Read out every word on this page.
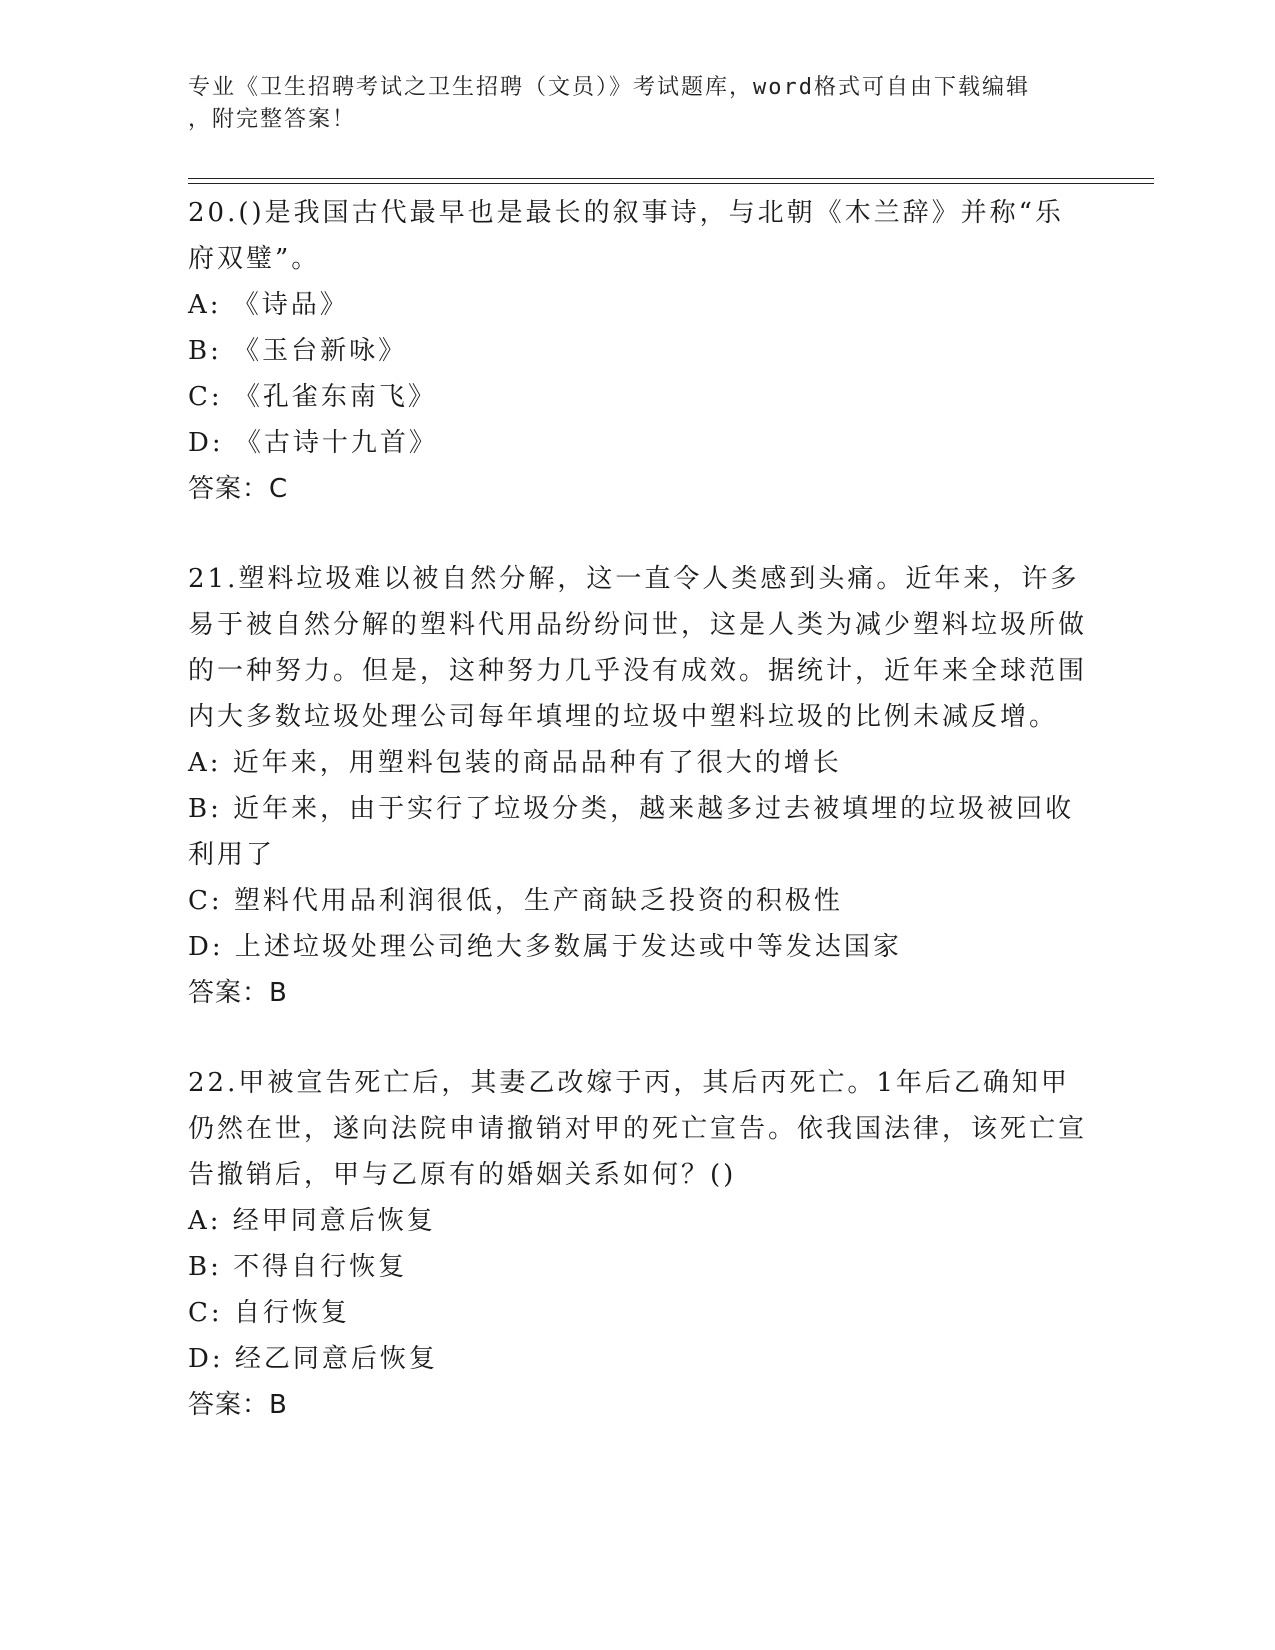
专业《卫生招聘考试之卫生招聘（文员）》考试题库，word格式可自由下载编辑

，附完整答案！

20.()是我国古代最早也是最长的叙事诗，与北朝《木兰辞》并称“乐府双璧”。

A: 《诗品》

B: 《玉台新咏》

C: 《孔雀东南飞》

D: 《古诗十九首》

答案：C

21.塑料垃圾难以被自然分解，这一直令人类感到头痛。近年来，许多易于被自然分解的塑料代用品纷纷问世，这是人类为减少塑料垃圾所做的一种努力。但是，这种努力几乎没有成效。据统计，近年来全球范围内大多数垃圾处理公司每年填埋的垃圾中塑料垃圾的比例未减反增。

A: 近年来，用塑料包装的商品品种有了很大的增长

B: 近年来，由于实行了垃圾分类，越来越多过去被填埋的垃圾被回收利用了

C: 塑料代用品利润很低，生产商缺乏投资的积极性

D: 上述垃圾处理公司绝大多数属于发达或中等发达国家

答案：B

22.甲被宣告死亡后，其妻乙改嫁于丙，其后丙死亡。1年后乙确知甲仍然在世，遂向法院申请撤销对甲的死亡宣告。依我国法律，该死亡宣告撤销后，甲与乙原有的婚姻关系如何？()

A: 经甲同意后恢复

B: 不得自行恢复

C: 自行恢复

D: 经乙同意后恢复

答案：B
